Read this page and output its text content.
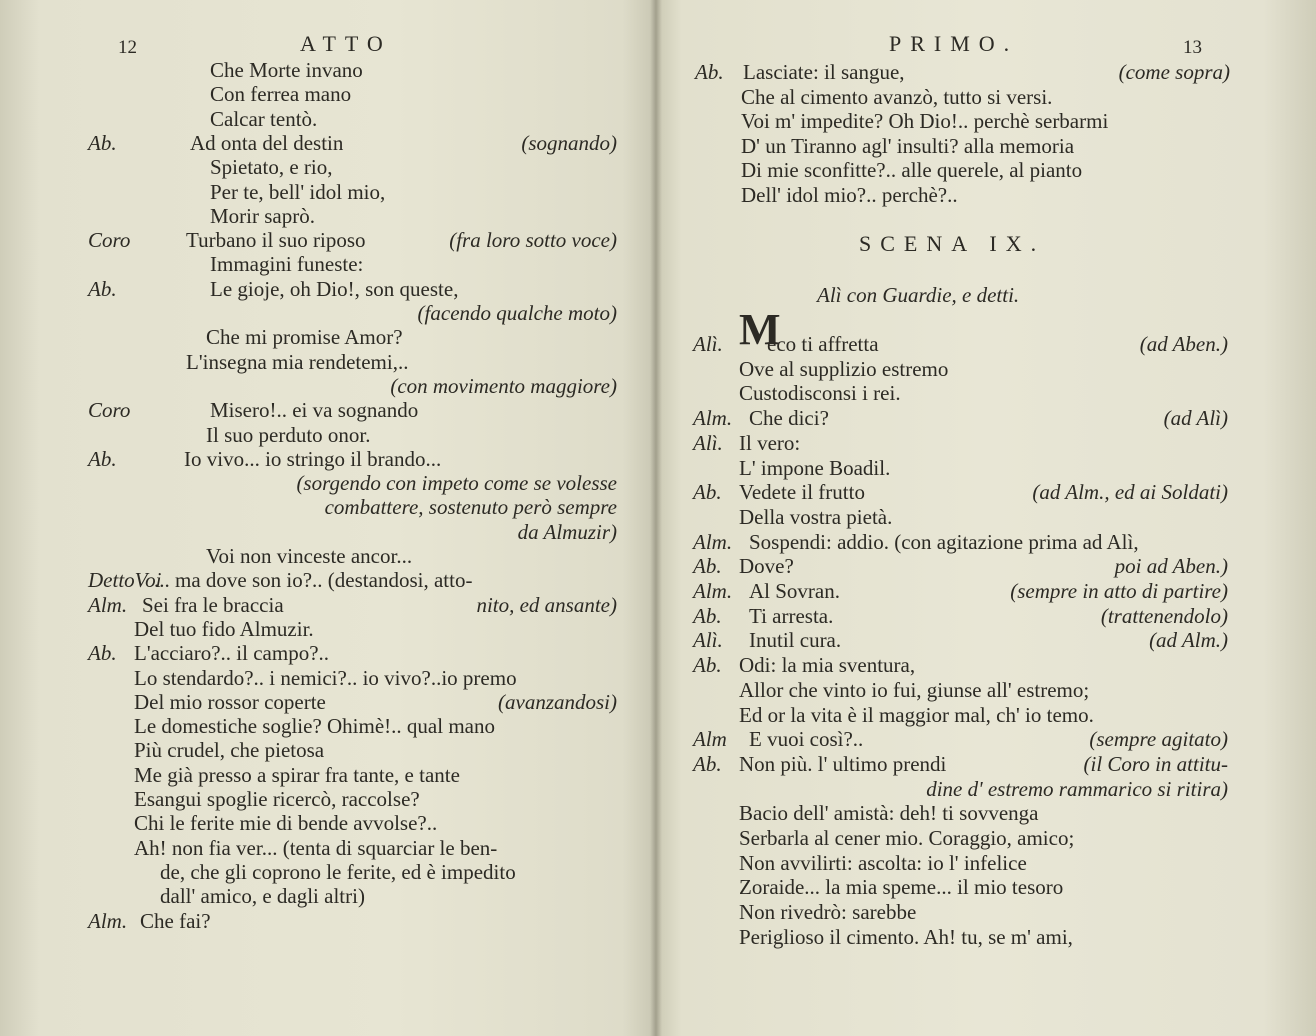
12	ATTO
Che Morte invano
Con ferrea mano
Calcar tentò.
Ab.	Ad onta del destin	(sognando)
Spietato, e rio,
Per te, bell' idol mio,
Morir saprò.
Coro	Turbano il suo riposo	(fra loro sotto voce)
Immagini funeste:
Ab.	Le gioje, oh Dio!, son queste,
(facendo qualche moto)
Che mi promise Amor?
L'insegna mia rendetemi,..
(con movimento maggiore)
Coro	Misero!.. ei va sognando
Il suo perduto onor.
Ab.	Io vivo... io stringo il brando...
(sorgendo con impeto come se volesse
combattere, sostenuto però sempre
da Almuzir)
Voi non vinceste ancor...
DettoVoi
... ma dove son io?.. (destandosi, atto-
Alm. Sei fra le braccia	nito, ed ansante)
Del tuo fido Almuzir.
Ab. L'acciaro?.. il campo?..
Lo stendardo?.. i nemici?.. io vivo?..io premo
Del mio rossor coperte	(avanzandosi)
Le domestiche soglie? Ohimè!.. qual mano
Più crudel, che pietosa
Me già presso a spirar fra tante, e tante
Esangui spoglie ricercò, raccolse?
Chi le ferite mie di bende avvolse?..
Ah! non fia ver... (tenta di squarciar le ben-
de, che gli coprono le ferite, ed è impedito
dall' amico, e dagli altri)
Alm. Che fai?
PRIMO.	13
Ab. Lasciate: il sangue,	(come sopra)
Che al cimento avanzò, tutto si versi.
Voi m' impedite? Oh Dio!.. perchè serbarmi
D' un Tiranno agl' insulti? alla memoria
Di mie sconfitte?.. alle querele, al pianto
Dell' idol mio?.. perchè?..
SCENA IX.
Alì con Guardie, e detti.
M
Alì. eco ti affretta	(ad Aben.)
Ove al supplizio estremo
Custodisconsi i rei.
Alm. Che dici?	(ad Alì)
Alì. Il vero:
L' impone Boadil.
Ab. Vedete il frutto	(ad Alm., ed ai Soldati)
Della vostra pietà.
Alm. Sospendi: addio. (con agitazione prima ad Alì,
Ab. Dove?	poi ad Aben.)
Alm. Al Sovran.	(sempre in atto di partire)
Ab. Ti arresta.	(trattenendolo)
Alì. Inutil cura.	(ad Alm.)
Ab. Odi: la mia sventura,
Allor che vinto io fui, giunse all' estremo;
Ed or la vita è il maggior mal, ch' io temo.
Alm E vuoi così?..	(sempre agitato)
Ab. Non più. l' ultimo prendi	(il Coro in attitu-
dine d' estremo rammarico si ritira)
Bacio dell' amistà: deh! ti sovvenga
Serbarla al cener mio. Coraggio, amico;
Non avvilirti: ascolta: io l' infelice
Zoraide... la mia speme... il mio tesoro
Non rivedrò: sarebbe
Periglioso il cimento. Ah! tu, se m' ami,
